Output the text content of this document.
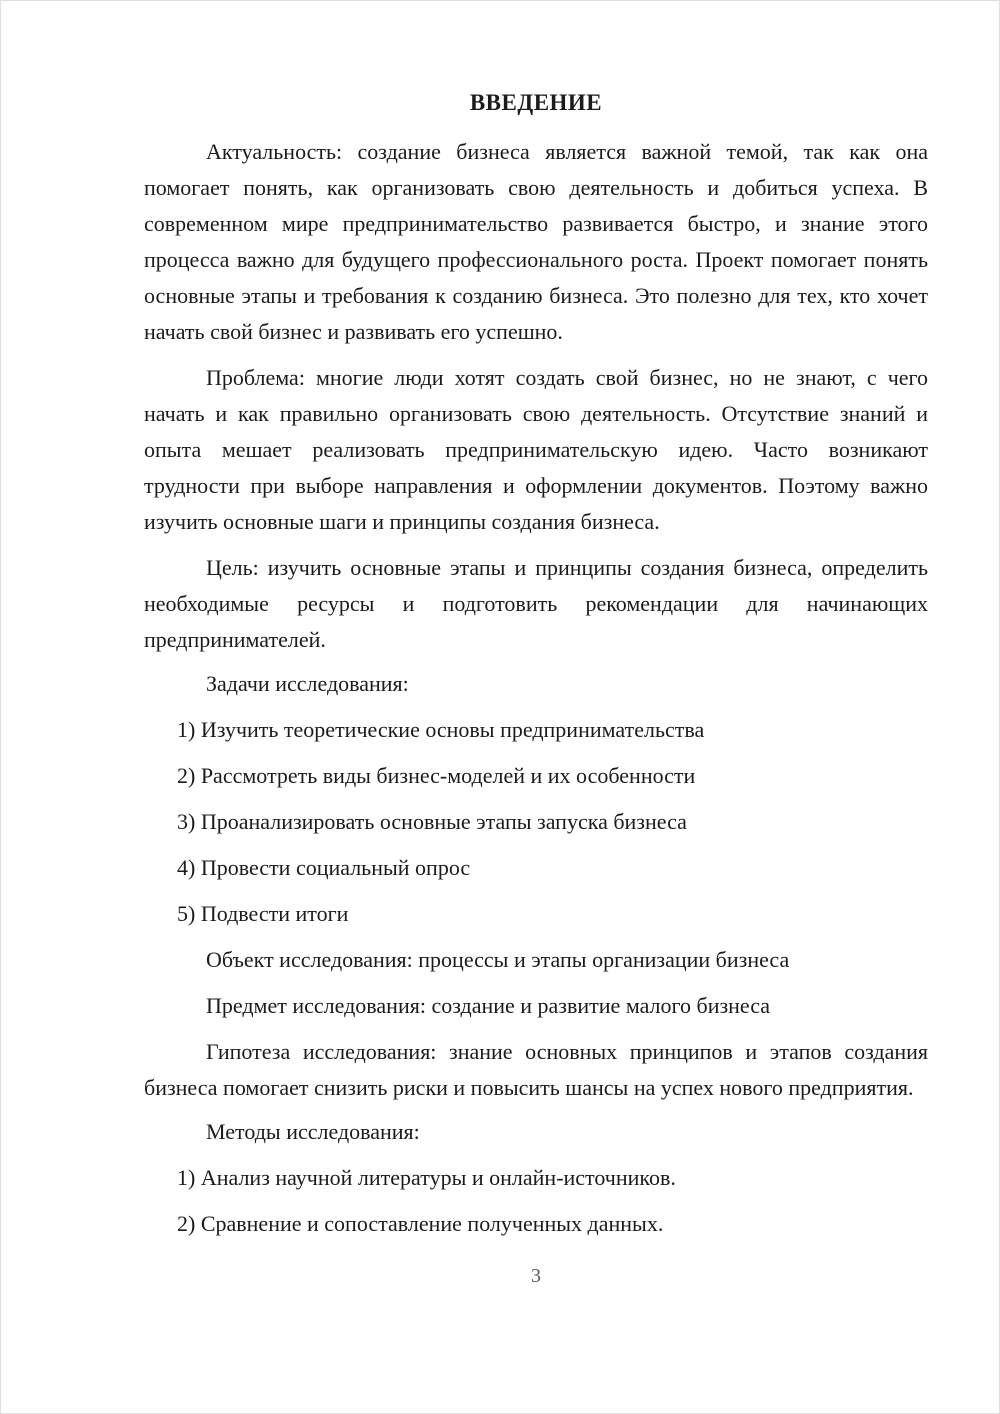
ВВЕДЕНИЕ

Актуальность: создание бизнеса является важной темой, так как она помогает понять, как организовать свою деятельность и добиться успеха. В современном мире предпринимательство развивается быстро, и знание этого процесса важно для будущего профессионального роста. Проект помогает понять основные этапы и требования к созданию бизнеса. Это полезно для тех, кто хочет начать свой бизнес и развивать его успешно.

Проблема: многие люди хотят создать свой бизнес, но не знают, с чего начать и как правильно организовать свою деятельность. Отсутствие знаний и опыта мешает реализовать предпринимательскую идею. Часто возникают трудности при выборе направления и оформлении документов. Поэтому важно изучить основные шаги и принципы создания бизнеса.

Цель: изучить основные этапы и принципы создания бизнеса, определить необходимые ресурсы и подготовить рекомендации для начинающих предпринимателей.

Задачи исследования:

1) Изучить теоретические основы предпринимательства

2) Рассмотреть виды бизнес-моделей и их особенности

3) Проанализировать основные этапы запуска бизнеса

4) Провести социальный опрос

5) Подвести итоги

Объект исследования: процессы и этапы организации бизнеса

Предмет исследования: создание и развитие малого бизнеса

Гипотеза исследования: знание основных принципов и этапов создания бизнеса помогает снизить риски и повысить шансы на успех нового предприятия.

Методы исследования:

1) Анализ научной литературы и онлайн-источников.

2) Сравнение и сопоставление полученных данных.

3
